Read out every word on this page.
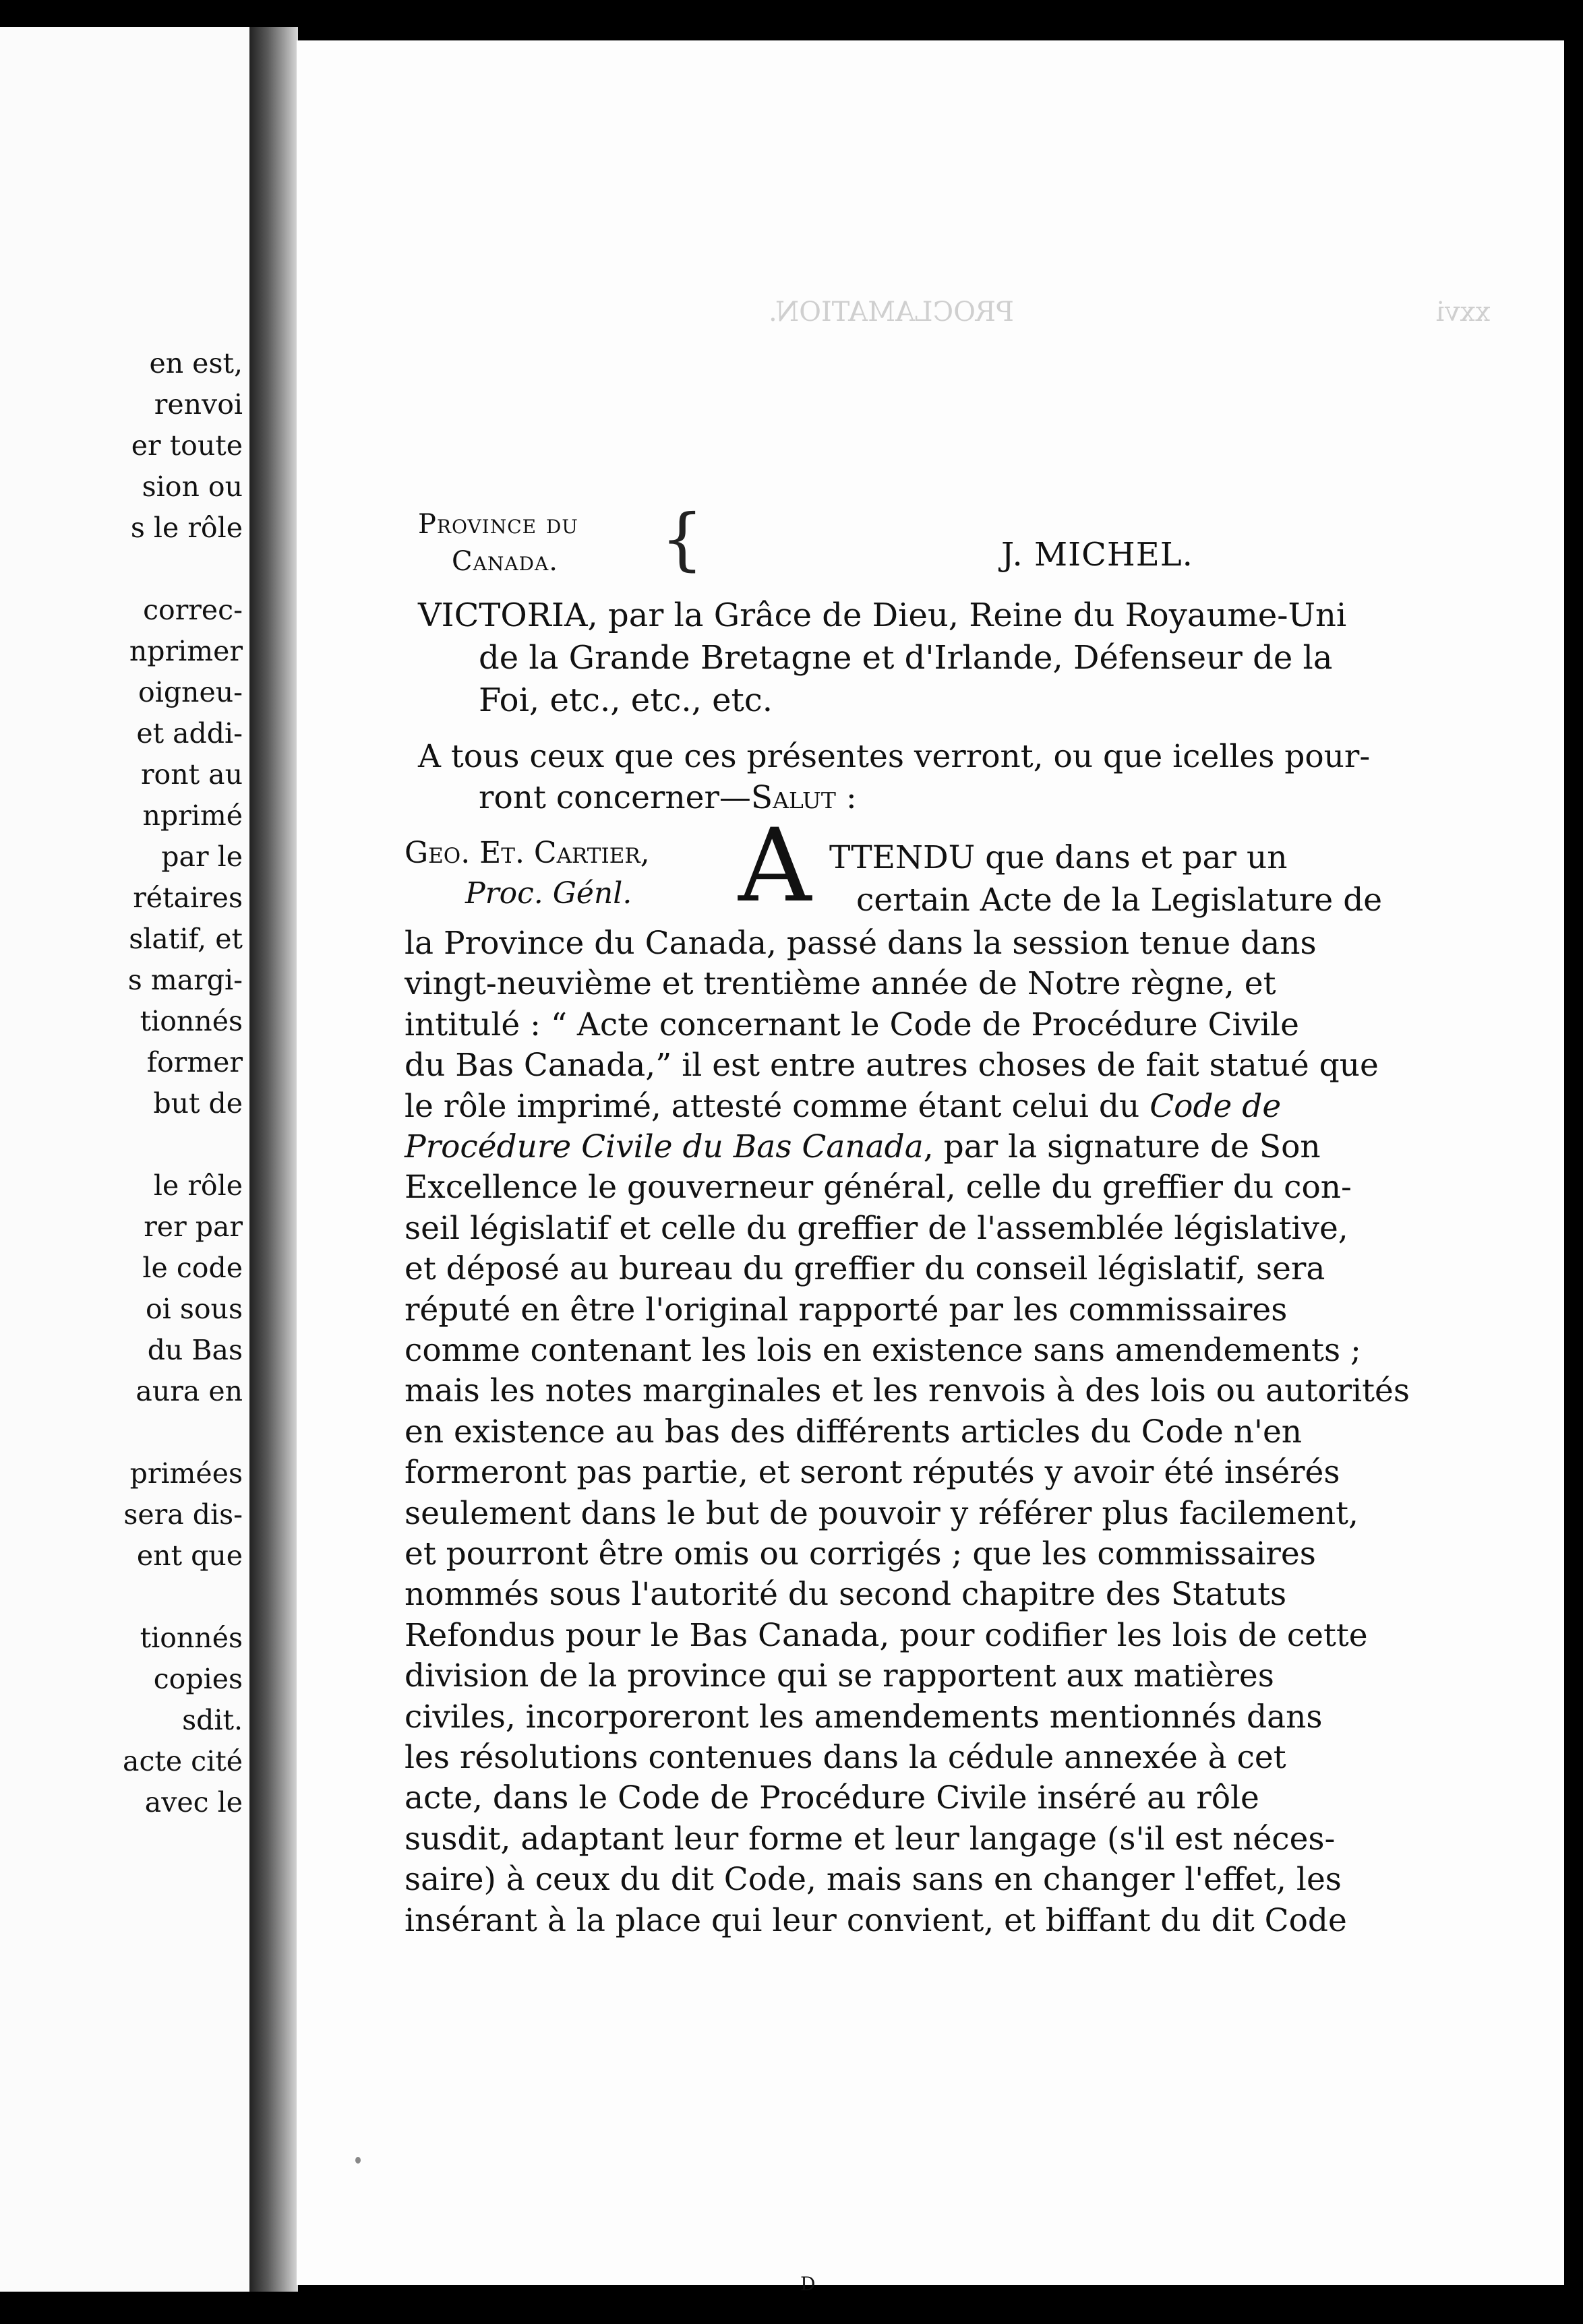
en est,
renvoi
er toute
sion ou
s le rôle
correc-
nprimer
oigneu-
et addi-
ront au
nprimé
par le
rétaires
slatif, et
s margi-
tionnés
former
but de
le rôle
rer par
le code
oi sous
du Bas
aura en
primées
sera dis-
ent que
tionnés
copies
sdit.
acte cité
avec le
PROCLAMATION.	xxvi
Province du
Canada. {	J. MICHEL.
VICTORIA, par la Grâce de Dieu, Reine du Royaume-Uni
de la Grande Bretagne et d'Irlande, Défenseur de la
Foi, etc., etc., etc.
A tous ceux que ces présentes verront, ou que icelles pour-
ront concerner—Salut :
Geo. Et. Cartier,
Proc. Génl. A TTENDU que dans et par un
certain Acte de la Legislature de
la Province du Canada, passé dans la session tenue dans
vingt-neuvième et trentième année de Notre règne, et
intitulé : “ Acte concernant le Code de Procédure Civile
du Bas Canada,” il est entre autres choses de fait statué que
le rôle imprimé, attesté comme étant celui du Code de
Procédure Civile du Bas Canada, par la signature de Son
Excellence le gouverneur général, celle du greffier du con-
seil législatif et celle du greffier de l'assemblée législative,
et déposé au bureau du greffier du conseil législatif, sera
réputé en être l'original rapporté par les commissaires
comme contenant les lois en existence sans amendements ;
mais les notes marginales et les renvois à des lois ou autorités
en existence au bas des différents articles du Code n'en
formeront pas partie, et seront réputés y avoir été insérés
seulement dans le but de pouvoir y référer plus facilement,
et pourront être omis ou corrigés ; que les commissaires
nommés sous l'autorité du second chapitre des Statuts
Refondus pour le Bas Canada, pour codifier les lois de cette
division de la province qui se rapportent aux matières
civiles, incorporeront les amendements mentionnés dans
les résolutions contenues dans la cédule annexée à cet
acte, dans le Code de Procédure Civile inséré au rôle
susdit, adaptant leur forme et leur langage (s'il est néces-
saire) à ceux du dit Code, mais sans en changer l'effet, les
insérant à la place qui leur convient, et biffant du dit Code
D
